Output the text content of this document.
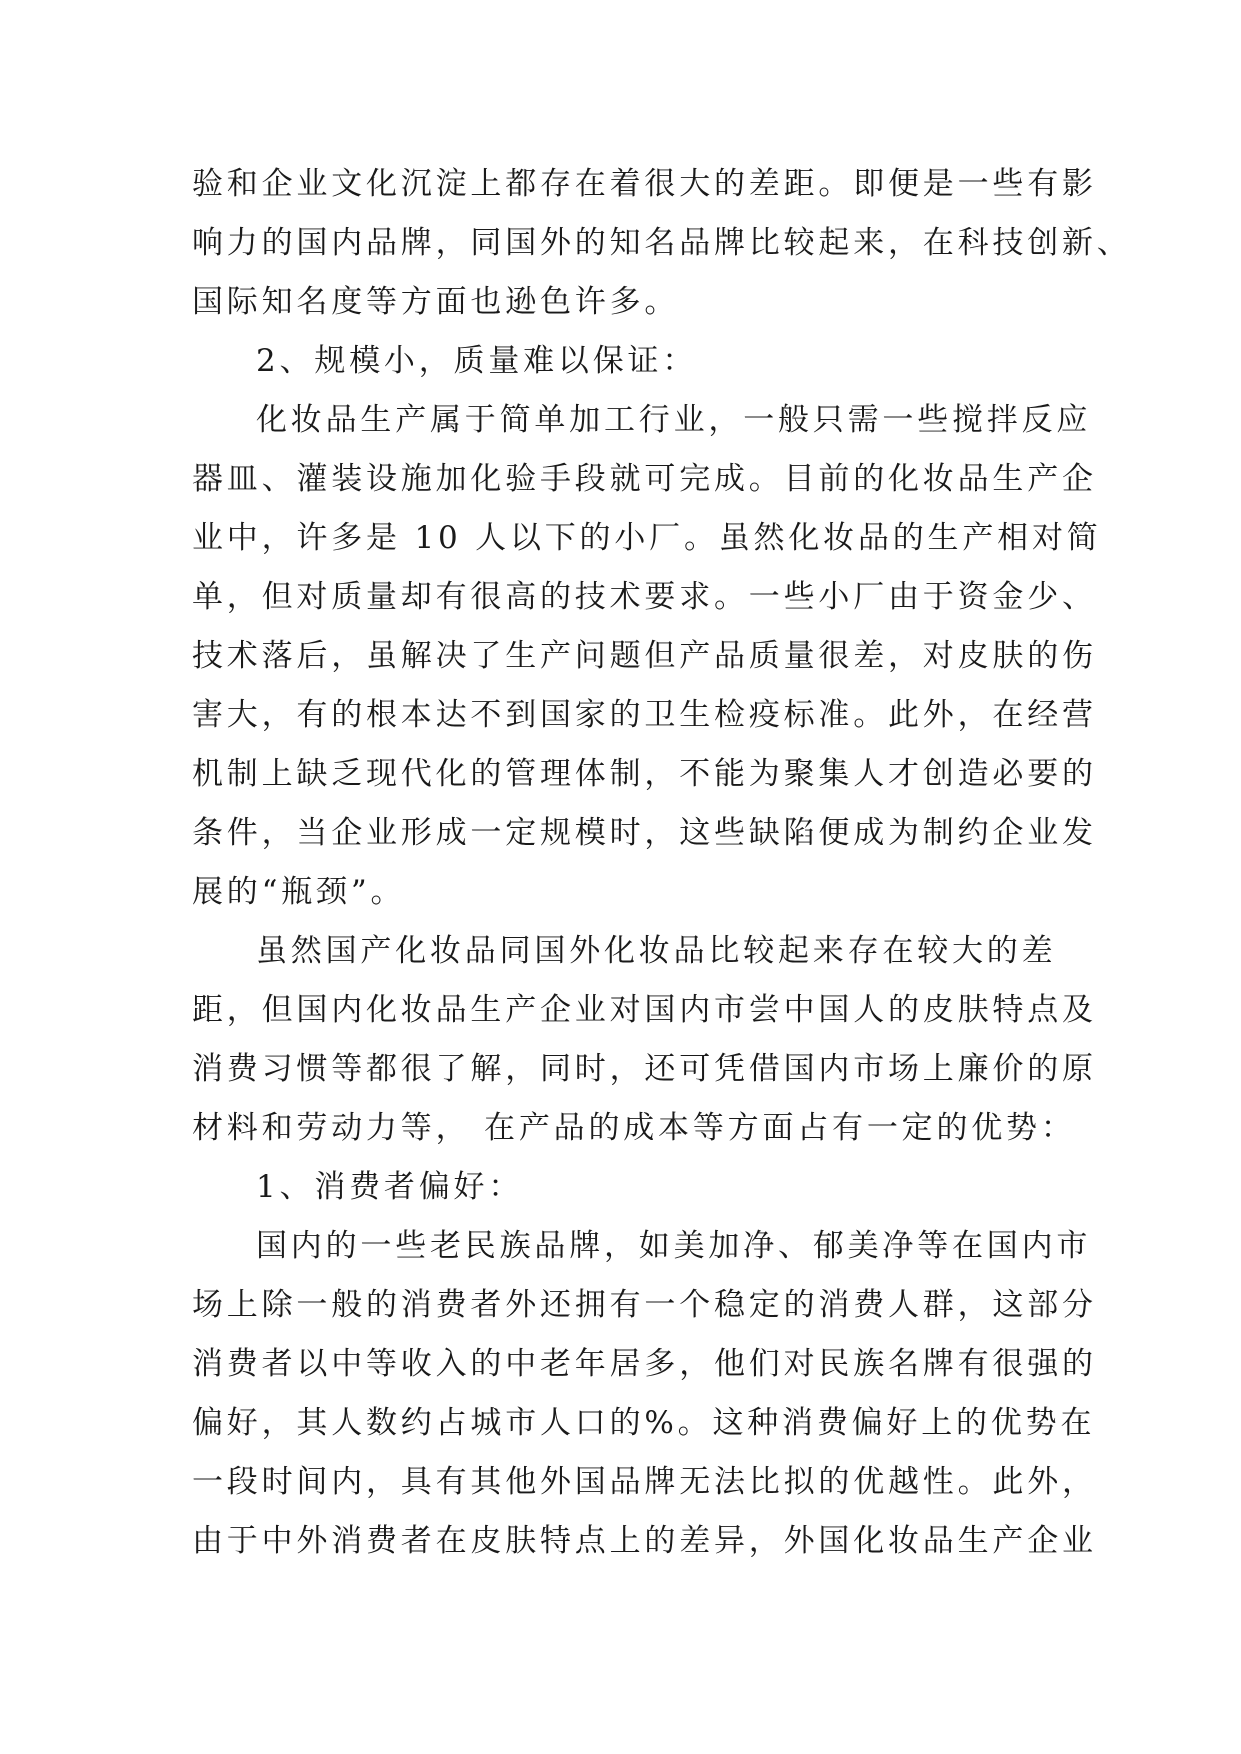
验和企业文化沉淀上都存在着很大的差距。即便是一些有影
响力的国内品牌，同国外的知名品牌比较起来，在科技创新、
国际知名度等方面也逊色许多。
2、规模小，质量难以保证：
化妆品生产属于简单加工行业，一般只需一些搅拌反应
器皿、灌装设施加化验手段就可完成。目前的化妆品生产企
业中，许多是 10 人以下的小厂。虽然化妆品的生产相对简
单，但对质量却有很高的技术要求。一些小厂由于资金少、
技术落后，虽解决了生产问题但产品质量很差，对皮肤的伤
害大，有的根本达不到国家的卫生检疫标准。此外，在经营
机制上缺乏现代化的管理体制，不能为聚集人才创造必要的
条件，当企业形成一定规模时，这些缺陷便成为制约企业发
展的“瓶颈”。
虽然国产化妆品同国外化妆品比较起来存在较大的差
距，但国内化妆品生产企业对国内市尝中国人的皮肤特点及
消费习惯等都很了解，同时，还可凭借国内市场上廉价的原
材料和劳动力等， 在产品的成本等方面占有一定的优势：
1、消费者偏好：
国内的一些老民族品牌，如美加净、郁美净等在国内市
场上除一般的消费者外还拥有一个稳定的消费人群，这部分
消费者以中等收入的中老年居多，他们对民族名牌有很强的
偏好，其人数约占城市人口的%。这种消费偏好上的优势在
一段时间内，具有其他外国品牌无法比拟的优越性。此外，
由于中外消费者在皮肤特点上的差异，外国化妆品生产企业
